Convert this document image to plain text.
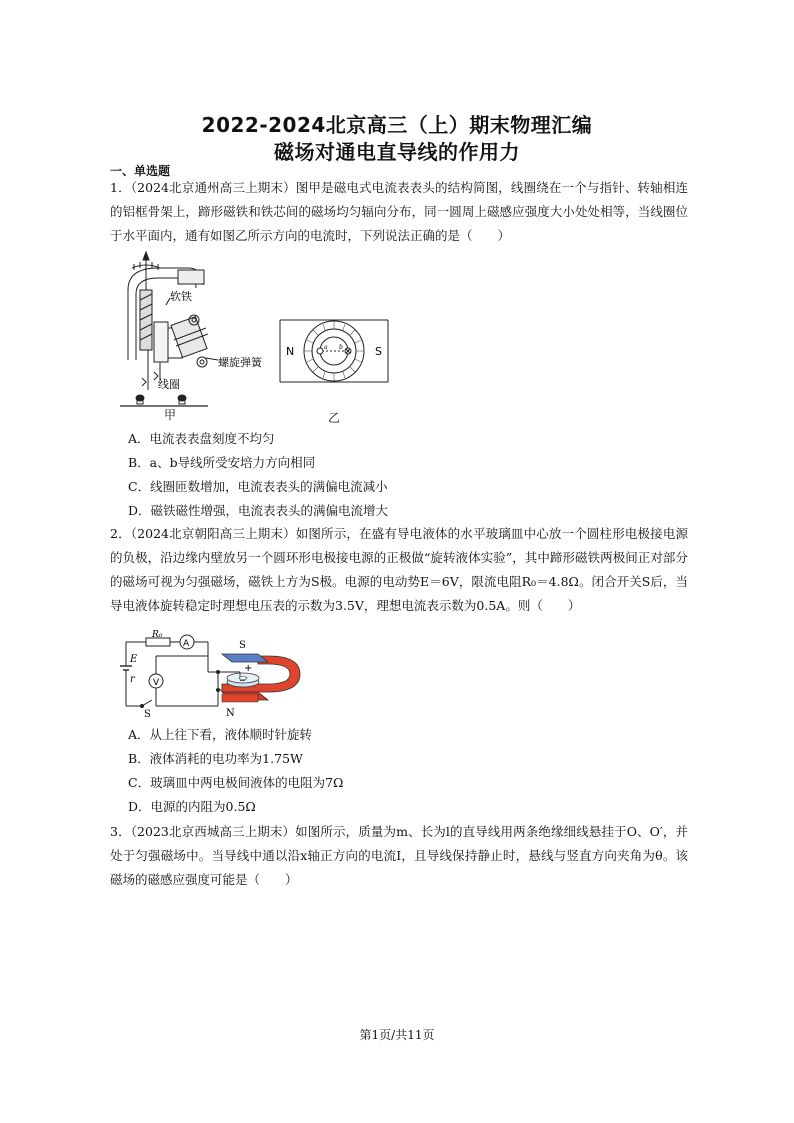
2022-2024北京高三（上）期末物理汇编
磁场对通电直导线的作用力
一、单选题
1．（2024北京通州高三上期末）图甲是磁电式电流表表头的结构简图，线圈绕在一个与指针、转轴相连的铝框骨架上，蹄形磁铁和铁芯间的磁场均匀辐向分布，同一圆周上磁感应强度大小处处相等，当线圈位于水平面内，通有如图乙所示方向的电流时，下列说法正确的是（　　）
软铁
螺旋弹簧
线圈
甲
N	S
a b
乙
A．电流表表盘刻度不均匀
B．a、b导线所受安培力方向相同
C．线圈匝数增加，电流表表头的满偏电流减小
D．磁铁磁性增强，电流表表头的满偏电流增大
2．（2024北京朝阳高三上期末）如图所示，在盛有导电液体的水平玻璃皿中心放一个圆柱形电极接电源的负极，沿边缘内壁放另一个圆环形电极接电源的正极做“旋转液体实验”，其中蹄形磁铁两极间正对部分的磁场可视为匀强磁场，磁铁上方为S极。电源的电动势E＝6V，限流电阻R₀＝4.8Ω。闭合开关S后，当导电液体旋转稳定时理想电压表的示数为3.5V，理想电流表示数为0.5A。则（　　）
R₀
A
V
E
r
S
S
N
+
−
A．从上往下看，液体顺时针旋转
B．液体消耗的电功率为1.75W
C．玻璃皿中两电极间液体的电阻为7Ω
D．电源的内阻为0.5Ω
3．（2023北京西城高三上期末）如图所示，质量为m、长为l的直导线用两条绝缘细线悬挂于O、O′，并处于匀强磁场中。当导线中通以沿x轴正方向的电流I，且导线保持静止时，悬线与竖直方向夹角为θ。该磁场的磁感应强度可能是（　　）
第1页/共11页
